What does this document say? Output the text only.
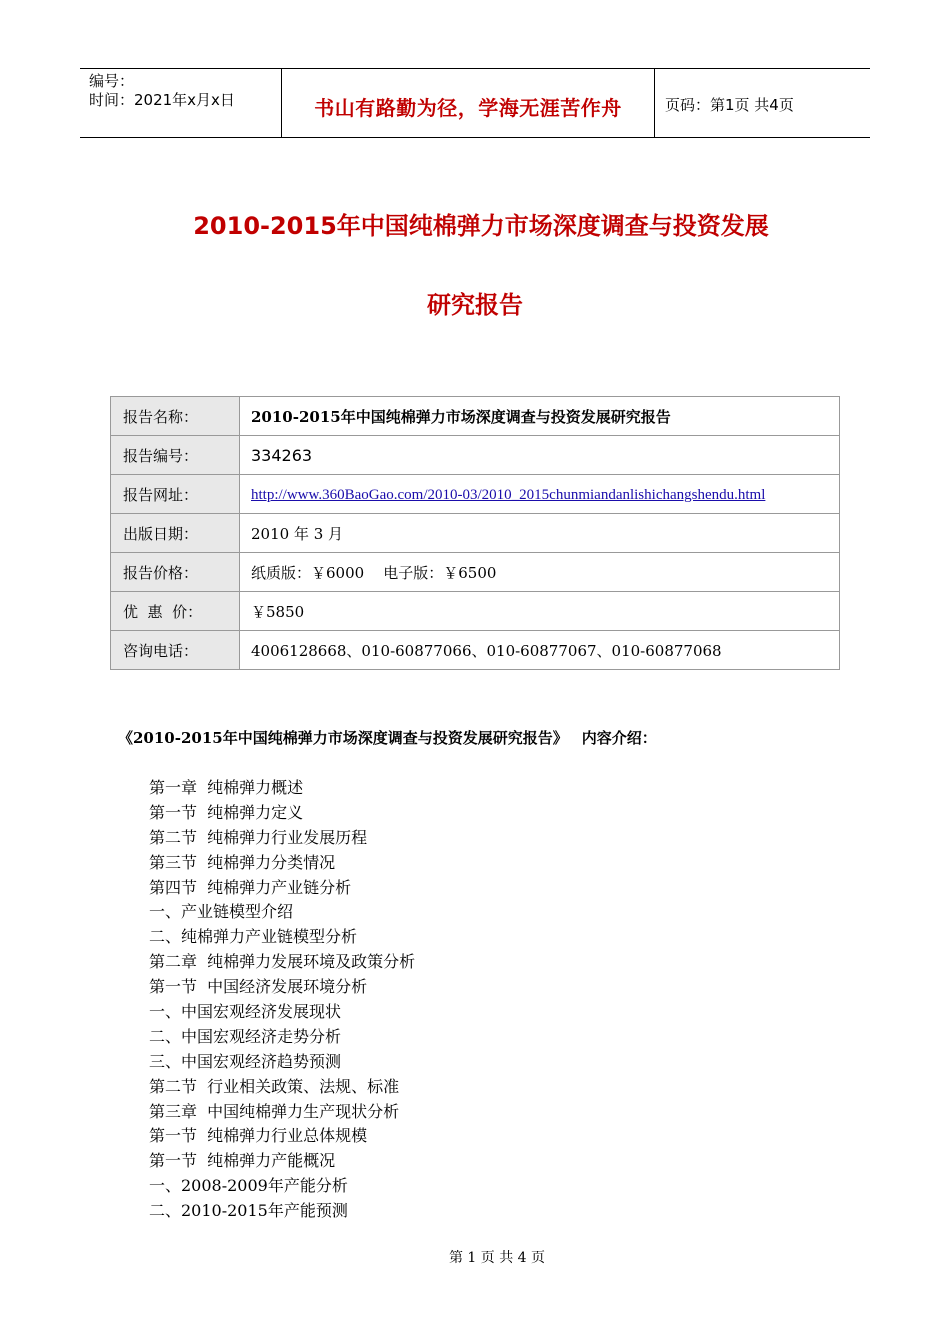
编号：
时间：2021年x月x日	书山有路勤为径，学海无涯苦作舟	页码：第1页 共4页
2010-2015年中国纯棉弹力市场深度调查与投资发展
研究报告
报告名称：	2010-2015年中国纯棉弹力市场深度调查与投资发展研究报告
报告编号：	334263
报告网址：	http://www.360BaoGao.com/2010-03/2010_2015chunmiandanlishichangshendu.html
出版日期：	2010 年 3 月
报告价格：	纸质版：￥6000    电子版：￥6500
优  惠  价：	￥5850
咨询电话：	4006128668、010-60877066、010-60877067、010-60877068
《2010-2015年中国纯棉弹力市场深度调查与投资发展研究报告》 内容介绍：
第一章  纯棉弹力概述
第一节  纯棉弹力定义
第二节  纯棉弹力行业发展历程
第三节  纯棉弹力分类情况
第四节  纯棉弹力产业链分析
一、产业链模型介绍
二、纯棉弹力产业链模型分析
第二章  纯棉弹力发展环境及政策分析
第一节  中国经济发展环境分析
一、中国宏观经济发展现状
二、中国宏观经济走势分析
三、中国宏观经济趋势预测
第二节  行业相关政策、法规、标准
第三章  中国纯棉弹力生产现状分析
第一节  纯棉弹力行业总体规模
第一节  纯棉弹力产能概况
一、2008-2009年产能分析
二、2010-2015年产能预测
第 1 页 共 4 页
